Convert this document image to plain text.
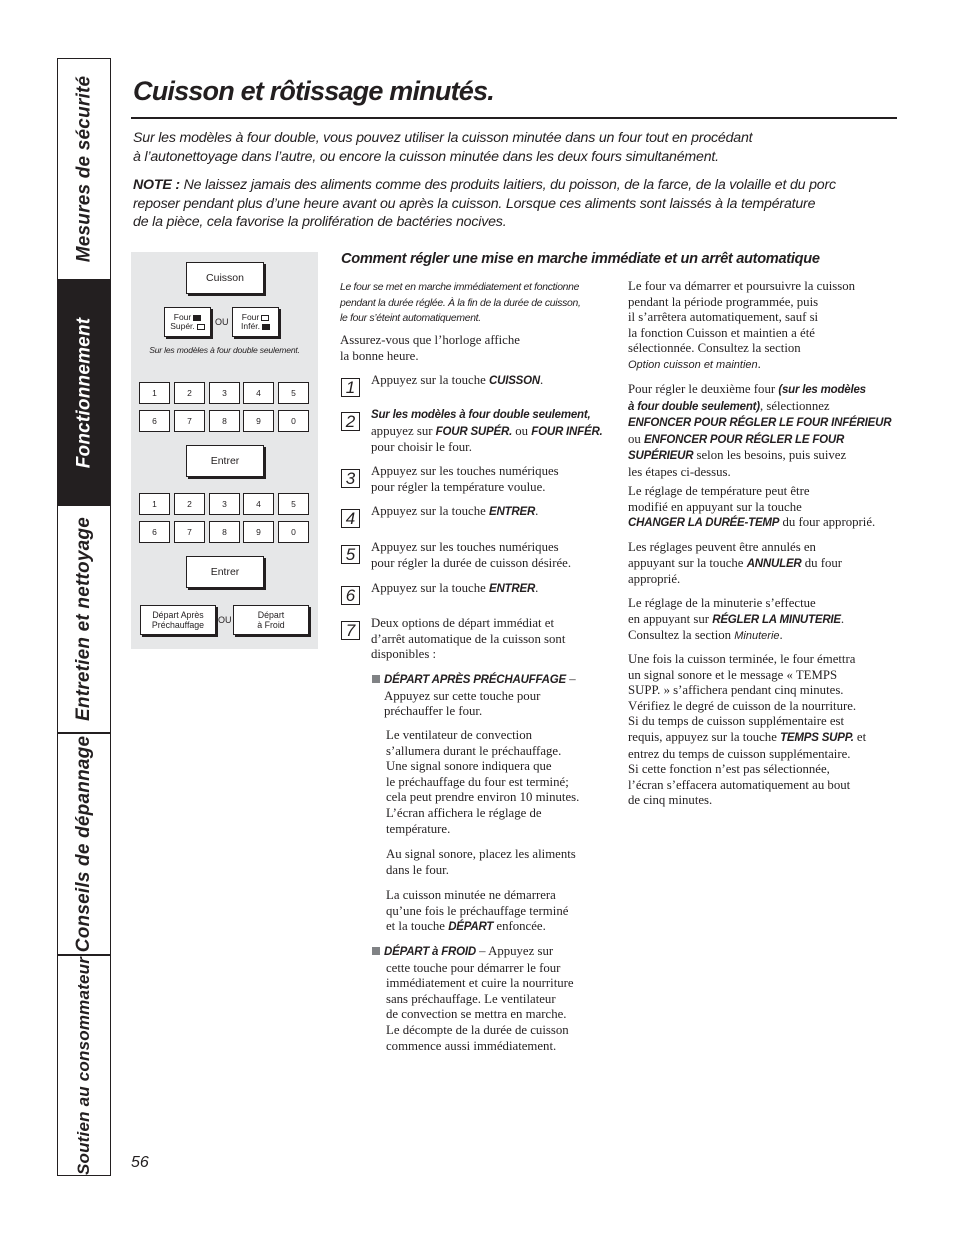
Mesures de sécurité
Fonctionnement
Entretien et nettoyage
Conseils de dépannage
Soutien au consommateur
Cuisson et rôtissage minutés.

Sur les modèles à four double, vous pouvez utiliser la cuisson minutée dans un four tout en procédant
à l’autonettoyage dans l’autre, ou encore la cuisson minutée dans les deux fours simultanément.

NOTE : Ne laissez jamais des aliments comme des produits laitiers, du poisson, de la farce, de la volaille et du porc
reposer pendant plus d’une heure avant ou après la cuisson. Lorsque ces aliments sont laissés à la température
de la pièce, cela favorise la prolifération de bactéries nocives.

Cuisson
Four
Supér.	OU Four
Infér.
Sur les modèles à four double seulement.
1	2	3	4	5
6	7	8	9	0
Entrer
1	2	3	4	5
6	7	8	9	0
Entrer
Départ Après
Préchauffage OU	Départ
à Froid
Comment régler une mise en marche immédiate et un arrêt automatique

Le four se met en marche immédiatement et fonctionne
pendant la durée réglée. À la fin de la durée de cuisson,
le four s’éteint automatiquement.

Assurez-vous que l’horloge affiche
la bonne heure.

1	Appuyez sur la touche CUISSON.

2	Sur les modèles à four double seulement,
appuyez sur FOUR SUPÉR. ou FOUR INFÉR.
pour choisir le four.

3	Appuyez sur les touches numériques
pour régler la température voulue.

4	Appuyez sur la touche ENTRER.

5	Appuyez sur les touches numériques
pour régler la durée de cuisson désirée.

6	Appuyez sur la touche ENTRER.

7	Deux options de départ immédiat et
d’arrêt automatique de la cuisson sont
disponibles :

DÉPART APRÈS PRÉCHAUFFAGE –
Appuyez sur cette touche pour
préchauffer le four.

Le ventilateur de convection
s’allumera durant le préchauffage.
Une signal sonore indiquera que
le préchauffage du four est terminé;
cela peut prendre environ 10 minutes.
L’écran affichera le réglage de
température.

Au signal sonore, placez les aliments
dans le four.

La cuisson minutée ne démarrera
qu’une fois le préchauffage terminé
et la touche DÉPART enfoncée.

DÉPART à FROID – Appuyez sur
cette touche pour démarrer le four
immédiatement et cuire la nourriture
sans préchauffage. Le ventilateur
de convection se mettra en marche.
Le décompte de la durée de cuisson
commence aussi immédiatement.

Le four va démarrer et poursuivre la cuisson
pendant la période programmée, puis
il s’arrêtera automatiquement, sauf si
la fonction Cuisson et maintien a été
sélectionnée. Consultez la section
Option cuisson et maintien.

Pour régler le deuxième four (sur les modèles
à four double seulement), sélectionnez
ENFONCER POUR RÉGLER LE FOUR INFÉRIEUR
ou ENFONCER POUR RÉGLER LE FOUR
SUPÉRIEUR selon les besoins, puis suivez
les étapes ci-dessus.

Le réglage de température peut être
modifié en appuyant sur la touche
CHANGER LA DURÉE-TEMP du four approprié.

Les réglages peuvent être annulés en
appuyant sur la touche ANNULER du four
approprié.

Le réglage de la minuterie s’effectue
en appuyant sur RÉGLER LA MINUTERIE.
Consultez la section Minuterie.

Une fois la cuisson terminée, le four émettra
un signal sonore et le message « TEMPS
SUPP. » s’affichera pendant cinq minutes.
Vérifiez le degré de cuisson de la nourriture.
Si du temps de cuisson supplémentaire est
requis, appuyez sur la touche TEMPS SUPP. et
entrez du temps de cuisson supplémentaire.
Si cette fonction n’est pas sélectionnée,
l’écran s’effacera automatiquement au bout
de cinq minutes.

56
